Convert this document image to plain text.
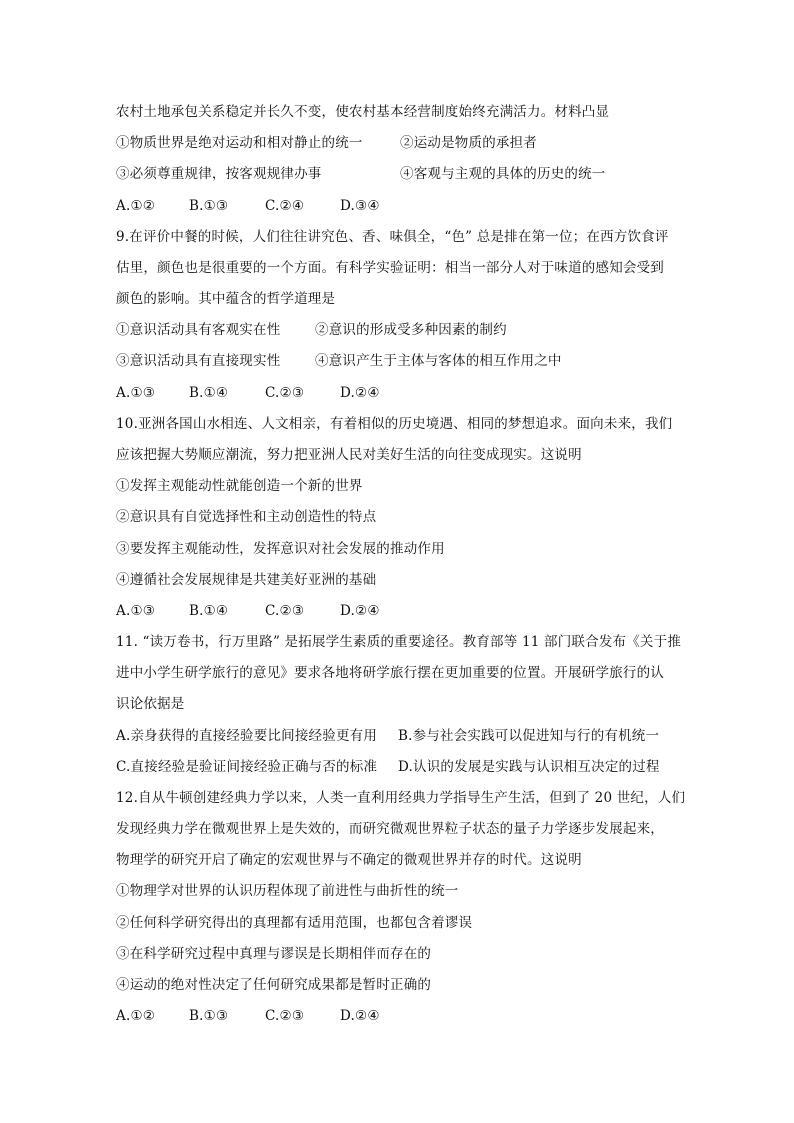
农村土地承包关系稳定并长久不变，使农村基本经营制度始终充满活力。材料凸显
①物质世界是绝对运动和相对静止的统一	②运动是物质的承担者
③必须尊重规律，按客观规律办事	④客观与主观的具体的历史的统一
A.①②	B.①③	C.②④	D.③④
9.在评价中餐的时候，人们往往讲究色、香、味俱全，“色” 总是排在第一位；在西方饮食评
估里，颜色也是很重要的一个方面。有科学实验证明：相当一部分人对于味道的感知会受到
颜色的影响。其中蕴含的哲学道理是
①意识活动具有客观实在性	②意识的形成受多种因素的制约
③意识活动具有直接现实性	④意识产生于主体与客体的相互作用之中
A.①③	B.①④	C.②③	D.②④
10.亚洲各国山水相连、人文相亲，有着相似的历史境遇、相同的梦想追求。面向未来，我们
应该把握大势顺应潮流，努力把亚洲人民对美好生活的向往变成现实。这说明
①发挥主观能动性就能创造一个新的世界
②意识具有自觉选择性和主动创造性的特点
③要发挥主观能动性，发挥意识对社会发展的推动作用
④遵循社会发展规律是共建美好亚洲的基础
A.①③	B.①④	C.②③	D.②④
11. “读万卷书，行万里路” 是拓展学生素质的重要途径。教育部等 11 部门联合发布《关于推
进中小学生研学旅行的意见》要求各地将研学旅行摆在更加重要的位置。开展研学旅行的认
识论依据是
A.亲身获得的直接经验要比间接经验更有用 B.参与社会实践可以促进知与行的有机统一
C.直接经验是验证间接经验正确与否的标准 D.认识的发展是实践与认识相互决定的过程
12.自从牛顿创建经典力学以来，人类一直利用经典力学指导生产生活，但到了 20 世纪，人们
发现经典力学在微观世界上是失效的，而研究微观世界粒子状态的量子力学逐步发展起来，
物理学的研究开启了确定的宏观世界与不确定的微观世界并存的时代。这说明
①物理学对世界的认识历程体现了前进性与曲折性的统一
②任何科学研究得出的真理都有适用范围，也都包含着谬误
③在科学研究过程中真理与谬误是长期相伴而存在的
④运动的绝对性决定了任何研究成果都是暂时正确的
A.①②	B.①③	C.②③	D.②④
